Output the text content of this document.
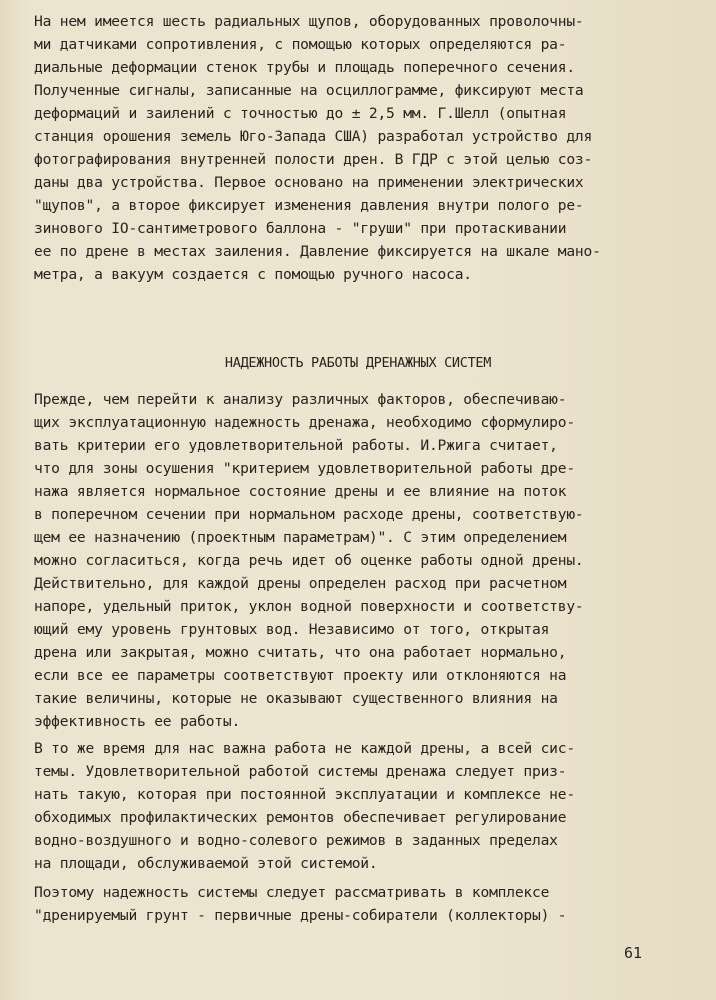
На нем имеется шесть радиальных щупов, оборудованных проволочны-
ми датчиками сопротивления, с помощью которых определяются ра-
диальные деформации стенок трубы и площадь поперечного сечения.
Полученные сигналы, записанные на осциллограмме, фиксируют места
деформаций и заилений с точностью до ± 2,5 мм. Г.Шелл (опытная
станция орошения земель Юго-Запада США) разработал устройство для
фотографирования внутренней полости дрен. В ГДР с этой целью соз-
даны два устройства. Первое основано на применении электрических
"щупов", а второе фиксирует изменения давления внутри полого ре-
зинового IO-сантиметрового баллона - "груши" при протаскивании
ее по дрене в местах заиления. Давление фиксируется на шкале мано-
метра, а вакуум создается с помощью ручного насоса.
НАДЕЖНОСТЬ РАБОТЫ ДРЕНАЖНЫХ СИСТЕМ
Прежде, чем перейти к анализу различных факторов, обеспечиваю-
щих эксплуатационную надежность дренажа, необходимо сформулиро-
вать критерии его удовлетворительной работы. И.Ржига считает,
что для зоны осушения "критерием удовлетворительной работы дре-
нажа является нормальное состояние дрены и ее влияние на поток
в поперечном сечении при нормальном расходе дрены, соответствую-
щем ее назначению (проектным параметрам)". С этим определением
можно согласиться, когда речь идет об оценке работы одной дрены.
Действительно, для каждой дрены определен расход при расчетном
напоре, удельный приток, уклон водной поверхности и соответству-
ющий ему уровень грунтовых вод. Независимо от того, открытая
дрена или закрытая, можно считать, что она работает нормально,
если все ее параметры соответствуют проекту или отклоняются на
такие величины, которые не оказывают существенного влияния на
эффективность ее работы.
В то же время для нас важна работа не каждой дрены, а всей сис-
темы. Удовлетворительной работой системы дренажа следует приз-
нать такую, которая при постоянной эксплуатации и комплексе не-
обходимых профилактических ремонтов обеспечивает регулирование
водно-воздушного и водно-солевого режимов в заданных пределах
на площади, обслуживаемой этой системой.
Поэтому надежность системы следует рассматривать в комплексе
"дренируемый грунт - первичные дрены-собиратели (коллекторы) -
61
